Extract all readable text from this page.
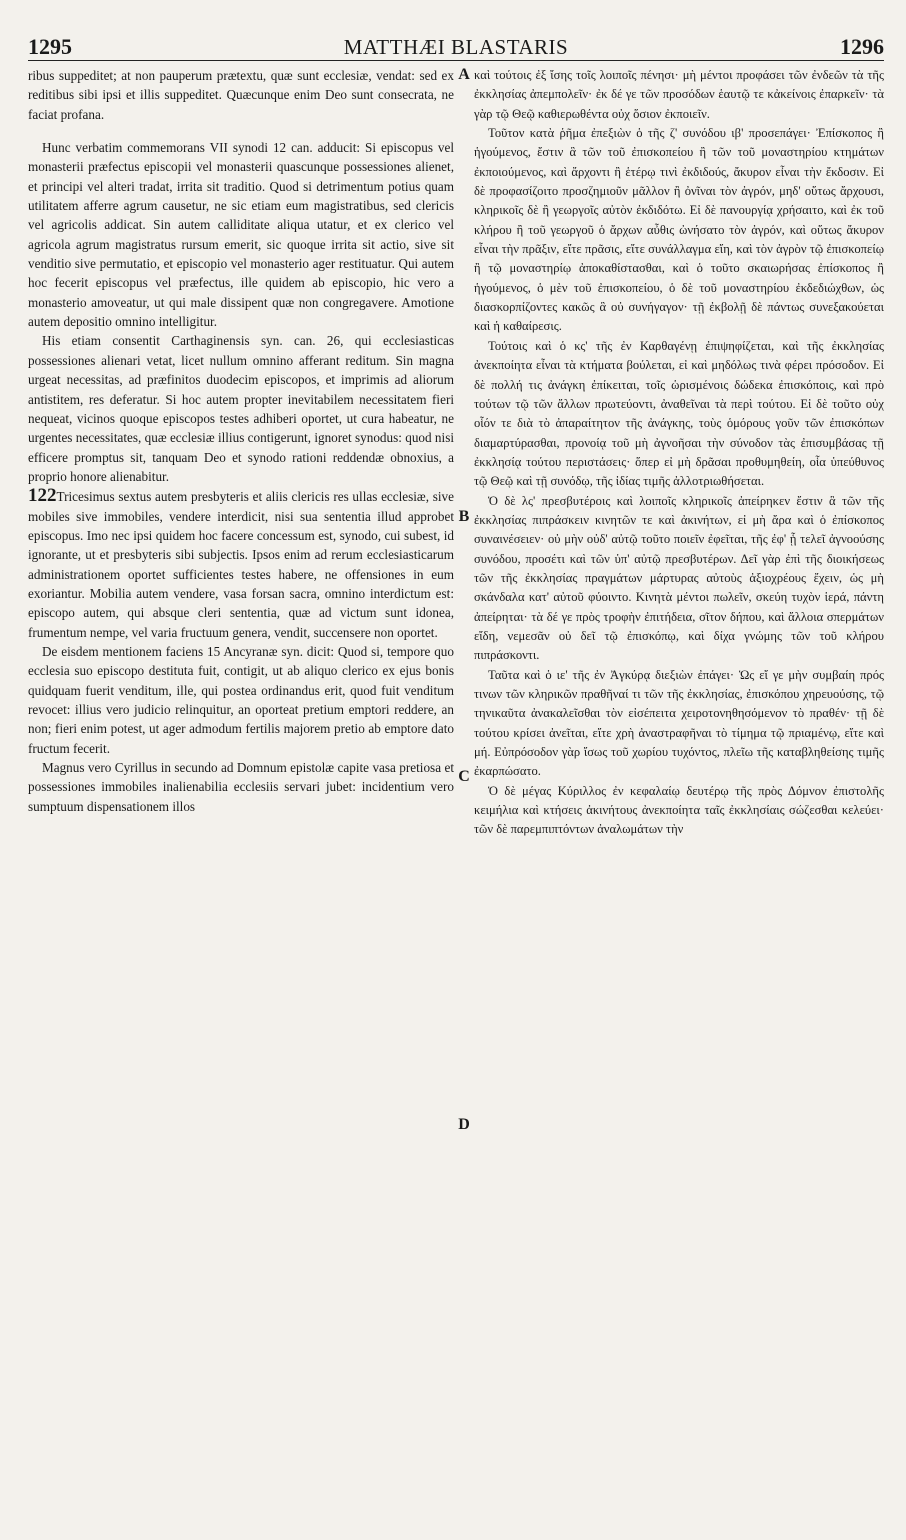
1295	MATTHÆI BLASTARIS	1296

ribus suppeditet; at non pauperum prætextu, quæ sunt ecclesiæ, vendat: sed ex reditibus sibi ipsi et illis suppeditet. Quæcunque enim Deo sunt consecrata, ne faciat profana.

Hunc verbatim commemorans VII synodi 12 can. adducit: Si episcopus vel monasterii præfectus episcopii vel monasterii quascunque possessiones alienet, et principi vel alteri tradat, irrita sit traditio. Quod si detrimentum potius quam utilitatem afferre agrum causetur, ne sic etiam eum magistratibus, sed clericis vel agricolis addicat. Sin autem calliditate aliqua utatur, et ex clerico vel agricola agrum magistratus rursum emerit, sic quoque irrita sit actio, sive sit venditio sive permutatio, et episcopio vel monasterio ager restituatur. Qui autem hoc fecerit episcopus vel præfectus, ille quidem ab episcopio, hic vero a monasterio amoveatur, ut qui male dissipent quæ non congregavere. Amotione autem depositio omnino intelligitur.

His etiam consentit Carthaginensis syn. can. 26, qui ecclesiasticas possessiones alienari vetat, licet nullum omnino afferant reditum. Sin magna urgeat necessitas, ad præfinitos duodecim episcopos, et imprimis ad aliorum antistitem, res deferatur. Si hoc autem propter inevitabilem necessitatem fieri nequeat, vicinos quoque episcopos testes adhiberi oportet, ut cura habeatur, ne urgentes necessitates, quæ ecclesiæ illius contigerunt, ignoret synodus: quod nisi efficere promptus sit, tanquam Deo et synodo rationi reddendæ obnoxius, a proprio honore alienabitur.

122Tricesimus sextus autem presbyteris et aliis clericis res ullas ecclesiæ, sive mobiles sive immobiles, vendere interdicit, nisi sua sententia illud approbet episcopus. Imo nec ipsi quidem hoc facere concessum est, synodo, cui subest, id ignorante, ut et presbyteris sibi subjectis. Ipsos enim ad rerum ecclesiasticarum administrationem oportet sufficientes testes habere, ne offensiones in eum exoriantur. Mobilia autem vendere, vasa forsan sacra, omnino interdictum est: episcopo autem, qui absque cleri sententia, quæ ad victum sunt idonea, frumentum nempe, vel varia fructuum genera, vendit, succensere non oportet.

De eisdem mentionem faciens 15 Ancyranæ syn. dicit: Quod si, tempore quo ecclesia suo episcopo destituta fuit, contigit, ut ab aliquo clerico ex ejus bonis quidquam fuerit venditum, ille, qui postea ordinandus erit, quod fuit venditum revocet: illius vero judicio relinquitur, an oporteat pretium emptori reddere, an non; fieri enim potest, ut ager admodum fertilis majorem pretio ab emptore dato fructum fecerit.

Magnus vero Cyrillus in secundo ad Domnum epistolæ capite vasa pretiosa et possessiones immobiles inalienabilia ecclesiis servari jubet: incidentium vero sumptuum dispensationem illos

καὶ τούτοις ἐξ ἴσης τοῖς λοιποῖς πένησι· μὴ μέντοι προφάσει τῶν ἐνδεῶν τὰ τῆς ἐκκλησίας ἀπεμπολεῖν· ἐκ δέ γε τῶν προσόδων ἑαυτῷ τε κἀκείνοις ἐπαρκεῖν· τὰ γὰρ τῷ Θεῷ καθιερωθέντα οὐχ ὅσιον ἐκποιεῖν.

Τοῦτον κατὰ ῥῆμα ἐπεξιὼν ὁ τῆς ζ' συνόδου ιβ' προσεπάγει· Ἐπίσκοπος ἢ ἡγούμενος, ἔστιν ἃ τῶν τοῦ ἐπισκοπείου ἢ τῶν τοῦ μοναστηρίου κτημάτων ἐκποιούμενος, καὶ ἄρχοντι ἢ ἑτέρῳ τινὶ ἐκδιδούς, ἄκυρον εἶναι τὴν ἔκδοσιν. Εἰ δὲ προφασίζοιτο προσζημιοῦν μᾶλλον ἢ ὀνῖναι τὸν ἀγρόν, μηδ' οὕτως ἄρχουσι, κληρικοῖς δὲ ἢ γεωργοῖς αὐτὸν ἐκδιδότω. Εἰ δὲ πανουργίᾳ χρήσαιτο, καὶ ἐκ τοῦ κλήρου ἢ τοῦ γεωργοῦ ὁ ἄρχων αὖθις ὠνήσατο τὸν ἀγρόν, καὶ οὕτως ἄκυρον εἶναι τὴν πρᾶξιν, εἴτε πρᾶσις, εἴτε συνάλλαγμα εἴη, καὶ τὸν ἀγρὸν τῷ ἐπισκοπείῳ ἢ τῷ μοναστηρίῳ ἀποκαθίστασθαι, καὶ ὁ τοῦτο σκαιωρήσας ἐπίσκοπος ἢ ἡγούμενος, ὁ μὲν τοῦ ἐπισκοπείου, ὁ δὲ τοῦ μοναστηρίου ἐκδεδιώχθων, ὡς διασκορπίζοντες κακῶς ἃ οὐ συνήγαγον· τῇ ἐκβολῇ δὲ πάντως συνεξακούεται καὶ ἡ καθαίρεσις.

Τούτοις καὶ ὁ κς' τῆς ἐν Καρθαγένῃ ἐπιψηφίζεται, καὶ τῆς ἐκκλησίας ἀνεκποίητα εἶναι τὰ κτήματα βούλεται, εἰ καὶ μηδόλως τινὰ φέρει πρόσοδον. Εἰ δὲ πολλή τις ἀνάγκη ἐπίκειται, τοῖς ὡρισμένοις δώδεκα ἐπισκόποις, καὶ πρὸ τούτων τῷ τῶν ἄλλων πρωτεύοντι, ἀναθεῖναι τὰ περὶ τούτου. Εἰ δὲ τοῦτο οὐχ οἷόν τε διὰ τὸ ἀπαραίτητον τῆς ἀνάγκης, τοὺς ὁμόρους γοῦν τῶν ἐπισκόπων διαμαρτύρασθαι, προνοίᾳ τοῦ μὴ ἀγνοῆσαι τὴν σύνοδον τὰς ἐπισυμβάσας τῇ ἐκκλησίᾳ τούτου περιστάσεις· ὅπερ εἰ μὴ δρᾶσαι προθυμηθείη, οἷα ὑπεύθυνος τῷ Θεῷ καὶ τῇ συνόδῳ, τῆς ἰδίας τιμῆς ἀλλοτριωθήσεται.

Ὁ δὲ λς' πρεσβυτέροις καὶ λοιποῖς κληρικοῖς ἀπείρηκεν ἔστιν ἃ τῶν τῆς ἐκκλησίας πιπράσκειν κινητῶν τε καὶ ἀκινήτων, εἰ μὴ ἄρα καὶ ὁ ἐπίσκοπος συναινέσειεν· οὐ μὴν οὐδ' αὐτῷ τοῦτο ποιεῖν ἐφεῖται, τῆς ἐφ' ᾗ τελεῖ ἀγνοούσης συνόδου, προσέτι καὶ τῶν ὑπ' αὐτῷ πρεσβυτέρων. Δεῖ γὰρ ἐπὶ τῆς διοικήσεως τῶν τῆς ἐκκλησίας πραγμάτων μάρτυρας αὐτοὺς ἀξιοχρέους ἔχειν, ὡς μὴ σκάνδαλα κατ' αὐτοῦ φύοιντο. Κινητὰ μέντοι πωλεῖν, σκεύη τυχὸν ἱερά, πάντη ἀπείρηται· τὰ δέ γε πρὸς τροφὴν ἐπιτήδεια, σῖτον δήπου, καὶ ἄλλοια σπερμάτων εἴδη, νεμεσᾶν οὐ δεῖ τῷ ἐπισκόπῳ, καὶ δίχα γνώμης τῶν τοῦ κλήρου πιπράσκοντι.

Ταῦτα καὶ ὁ ιε' τῆς ἐν Ἀγκύρᾳ διεξιὼν ἐπάγει· Ὡς εἴ γε μὴν συμβαίη πρός τινων τῶν κληρικῶν πραθῆναί τι τῶν τῆς ἐκκλησίας, ἐπισκόπου χηρευούσης, τῷ τηνικαῦτα ἀνακαλεῖσθαι τὸν εἰσέπειτα χειροτονηθησόμενον τὸ πραθέν· τῇ δὲ τούτου κρίσει ἀνεῖται, εἴτε χρὴ ἀναστραφῆναι τὸ τίμημα τῷ πριαμένῳ, εἴτε καὶ μή. Εὐπρόσοδον γὰρ ἴσως τοῦ χωρίου τυχόντος, πλεῖω τῆς καταβληθείσης τιμῆς ἐκαρπώσατο.

Ὁ δὲ μέγας Κύριλλος ἐν κεφαλαίῳ δευτέρῳ τῆς πρὸς Δόμνον ἐπιστολῆς κειμήλια καὶ κτήσεις ἀκινήτους ἀνεκποίητα ταῖς ἐκκλησίαις σώζεσθαι κελεύει· τῶν δὲ παρεμπιπτόντων ἀναλωμάτων τὴν

A
B
C
D
